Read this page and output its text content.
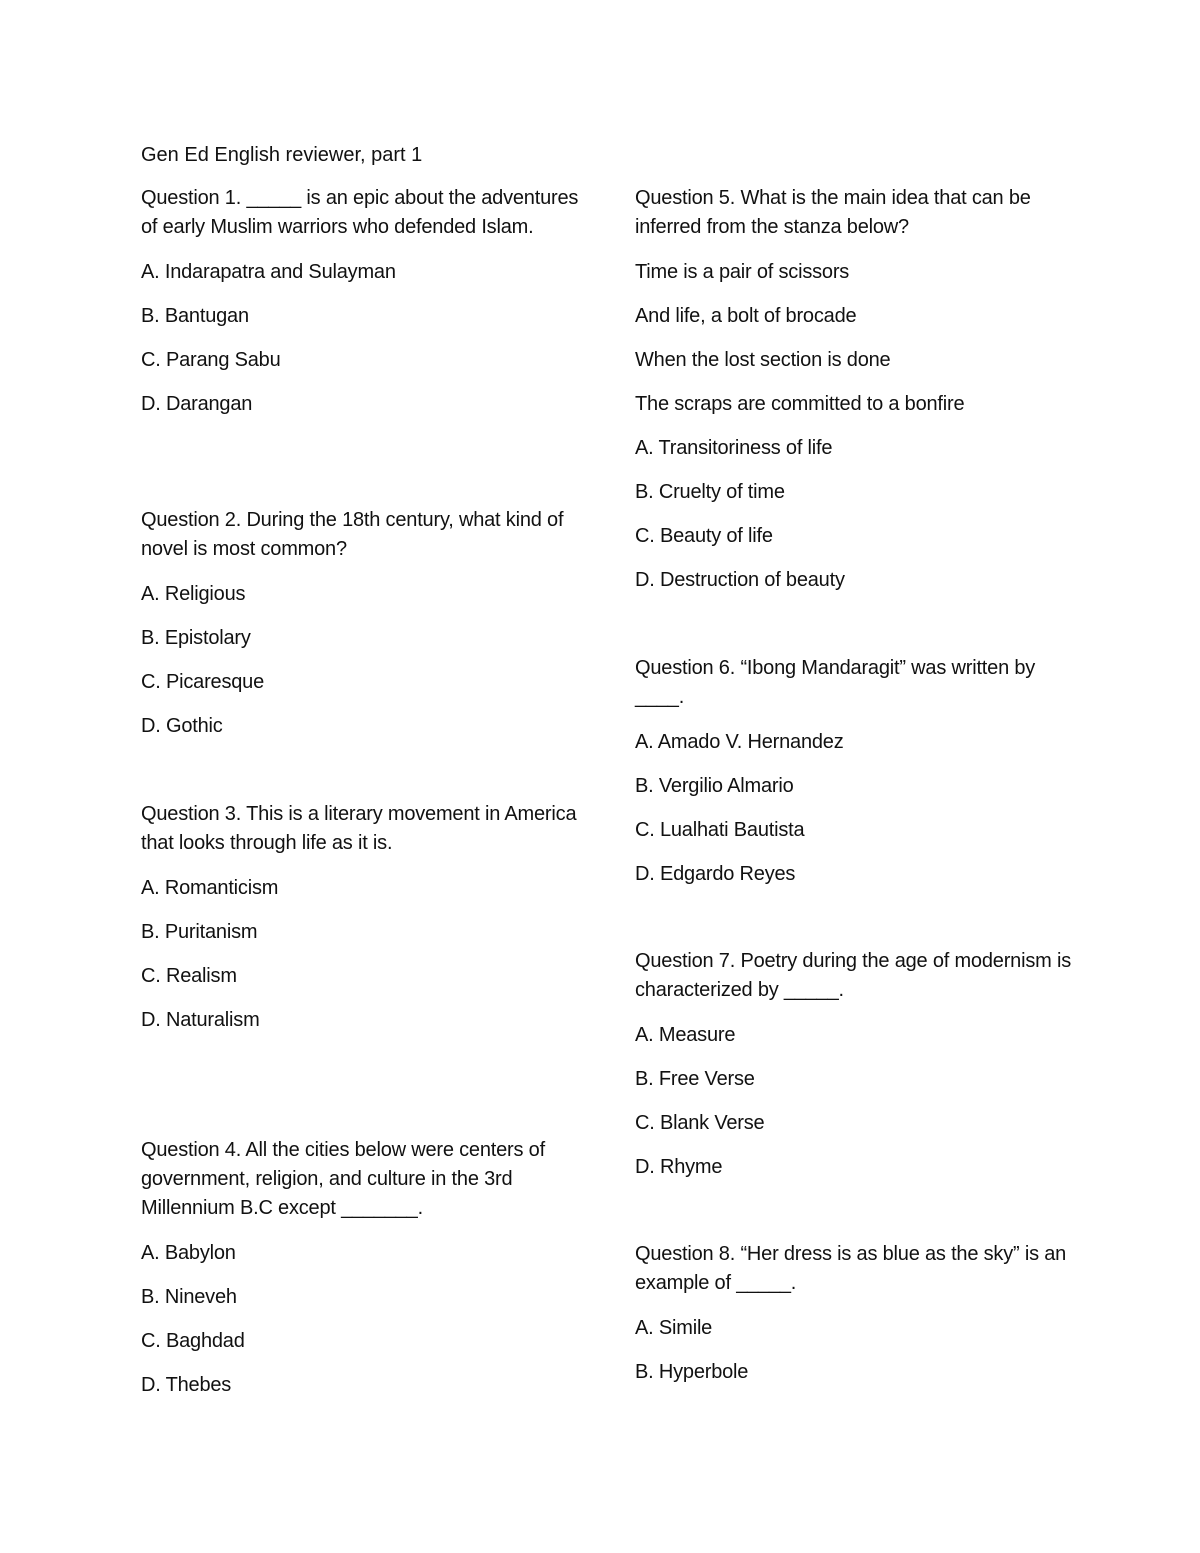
Gen Ed English reviewer, part 1

Question 1. _____ is an epic about the adventures of early Muslim warriors who defended Islam.

A. Indarapatra and Sulayman

B. Bantugan

C. Parang Sabu

D. Darangan

Question 2. During the 18th century, what kind of novel is most common?

A. Religious

B. Epistolary

C. Picaresque

D. Gothic

Question 3. This is a literary movement in America that looks through life as it is.

A. Romanticism

B. Puritanism

C. Realism

D. Naturalism

Question 4. All the cities below were centers of government, religion, and culture in the 3rd Millennium B.C except _______.

A. Babylon

B. Nineveh

C. Baghdad

D. Thebes

Question 5. What is the main idea that can be inferred from the stanza below?

Time is a pair of scissors

And life, a bolt of brocade

When the lost section is done

The scraps are committed to a bonfire

A. Transitoriness of life

B. Cruelty of time

C. Beauty of life

D. Destruction of beauty

Question 6. “Ibong Mandaragit” was written by ____.

A. Amado V. Hernandez

B. Vergilio Almario

C. Lualhati Bautista

D. Edgardo Reyes

Question 7. Poetry during the age of modernism is characterized by _____.

A. Measure

B. Free Verse

C. Blank Verse

D. Rhyme

Question 8. “Her dress is as blue as the sky” is an example of _____.

A. Simile

B. Hyperbole
